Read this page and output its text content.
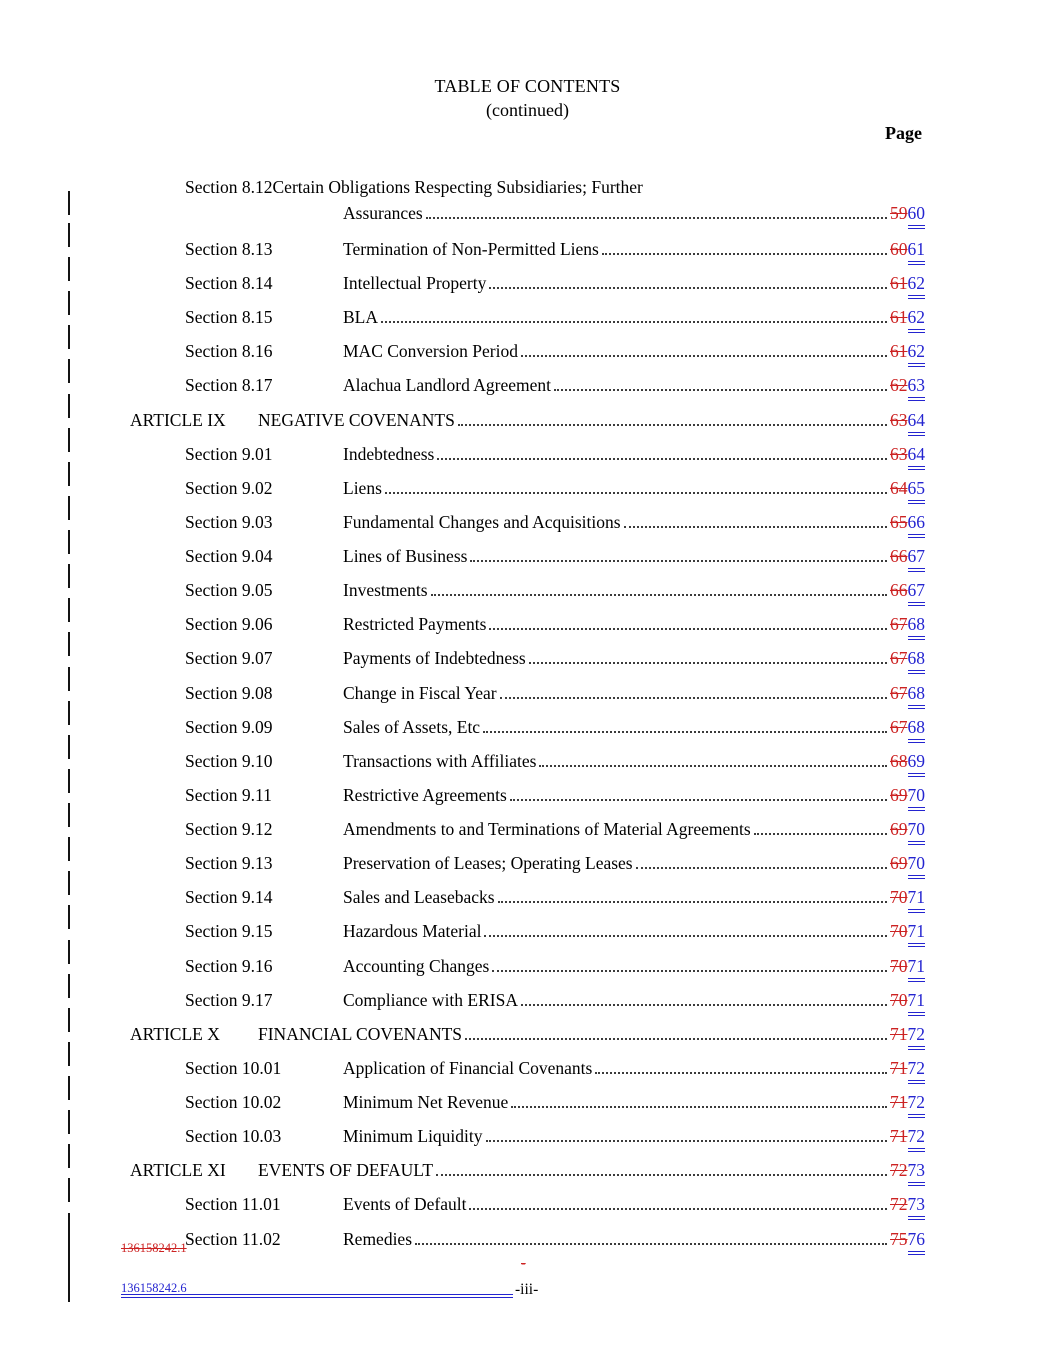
TABLE OF CONTENTS
(continued)
Page
Section 8.12 Certain Obligations Respecting Subsidiaries; Further
Assurances	59 60
Section 8.13	Termination of Non-Permitted Liens	60 61
Section 8.14	Intellectual Property	61 62
Section 8.15	BLA	61 62
Section 8.16	MAC Conversion Period	61 62
Section 8.17	Alachua Landlord Agreement	62 63
ARTICLE IX	NEGATIVE COVENANTS	63 64
Section 9.01	Indebtedness	63 64
Section 9.02	Liens	64 65
Section 9.03	Fundamental Changes and Acquisitions	65 66
Section 9.04	Lines of Business	66 67
Section 9.05	Investments	66 67
Section 9.06	Restricted Payments	67 68
Section 9.07	Payments of Indebtedness	67 68
Section 9.08	Change in Fiscal Year	67 68
Section 9.09	Sales of Assets, Etc	67 68
Section 9.10	Transactions with Affiliates	68 69
Section 9.11	Restrictive Agreements	69 70
Section 9.12	Amendments to and Terminations of Material Agreements	69 70
Section 9.13	Preservation of Leases; Operating Leases	69 70
Section 9.14	Sales and Leasebacks	70 71
Section 9.15	Hazardous Material	70 71
Section 9.16	Accounting Changes	70 71
Section 9.17	Compliance with ERISA	70 71
ARTICLE X	FINANCIAL COVENANTS	71 72
Section 10.01	Application of Financial Covenants	71 72
Section 10.02	Minimum Net Revenue	71 72
Section 10.03	Minimum Liquidity	71 72
ARTICLE XI	EVENTS OF DEFAULT	72 73
Section 11.01	Events of Default	72 73
Section 11.02	Remedies	75 76
136158242.1
-
136158242.6	-iii-
